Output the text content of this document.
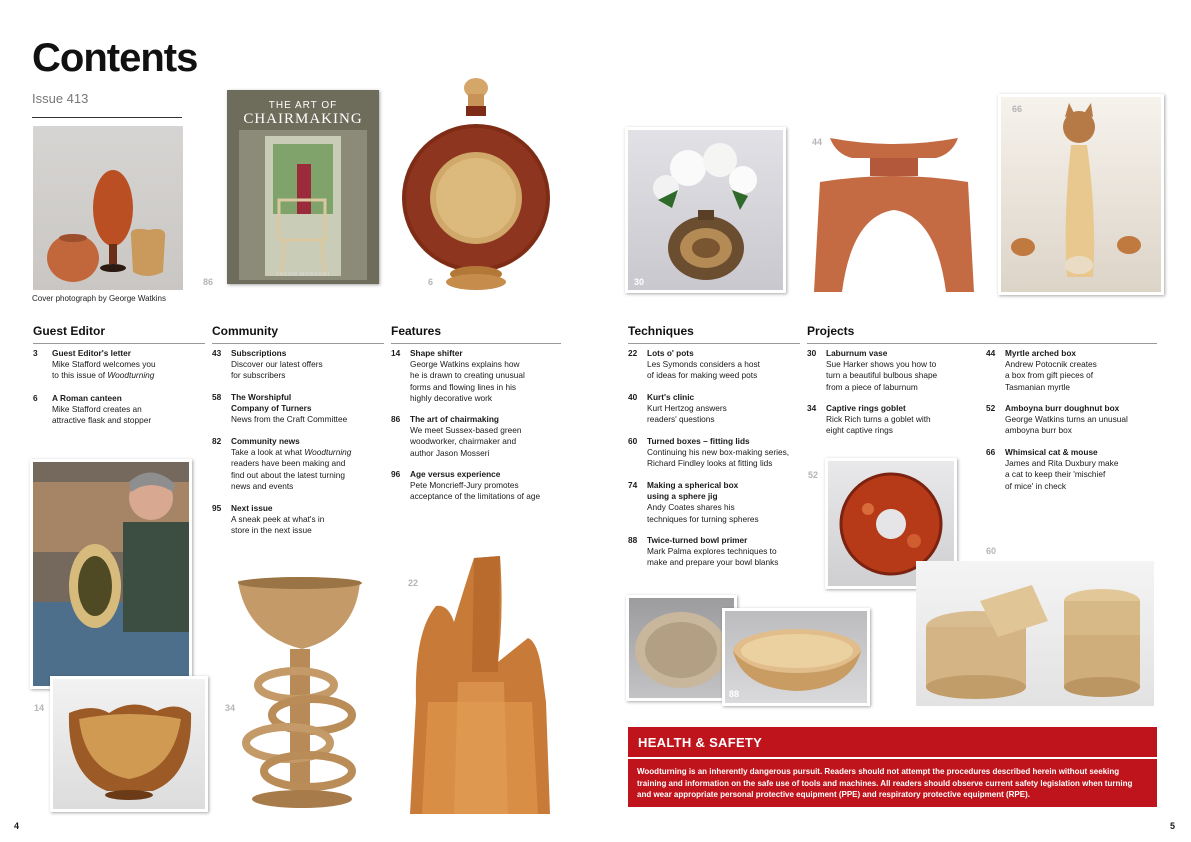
Contents
Issue 413
Cover photograph by George Watkins
THE ART OF
CHAIRMAKING
JASON MOSSERI
86	6	30
44
66
Guest Editor
3 Guest Editor's letter
Mike Stafford welcomes you
to this issue of Woodturning
6 A Roman canteen
Mike Stafford creates an
attractive flask and stopper
Community
43 Subscriptions
Discover our latest offers
for subscribers
58 The Worshipful
Company of Turners
News from the Craft Committee
82 Community news
Take a look at what Woodturning
readers have been making and
find out about the latest turning
news and events
95 Next issue
A sneak peek at what's in
store in the next issue
Features
14 Shape shifter
George Watkins explains how
he is drawn to creating unusual
forms and flowing lines in his
highly decorative work
86 The art of chairmaking
We meet Sussex-based green
woodworker, chairmaker and
author Jason Mosseri
96 Age versus experience
Pete Moncrieff-Jury promotes
acceptance of the limitations of age
Techniques
22 Lots o' pots
Les Symonds considers a host
of ideas for making weed pots
40 Kurt's clinic
Kurt Hertzog answers
readers' questions
60 Turned boxes – fitting lids
Continuing his new box-making series,
Richard Findley looks at fitting lids
74 Making a spherical box
using a sphere jig
Andy Coates shares his
techniques for turning spheres
88 Twice-turned bowl primer
Mark Palma explores techniques to
make and prepare your bowl blanks
Projects
30 Laburnum vase
Sue Harker shows you how to
turn a beautiful bulbous shape
from a piece of laburnum
34 Captive rings goblet
Rick Rich turns a goblet with
eight captive rings
44 Myrtle arched box
Andrew Potocnik creates
a box from gift pieces of
Tasmanian myrtle
52 Amboyna burr doughnut box
George Watkins turns an unusual
amboyna burr box
66 Whimsical cat & mouse
James and Rita Duxbury make
a cat to keep their 'mischief
of mice' in check
14	34
22
52
60
88
HEALTH & SAFETY
Woodturning is an inherently dangerous pursuit. Readers should not attempt the procedures described herein without seeking training and information on the safe use of tools and machines. All readers should observe current safety legislation when turning and wear appropriate personal protective equipment (PPE) and respiratory protective equipment (RPE).
4	5
